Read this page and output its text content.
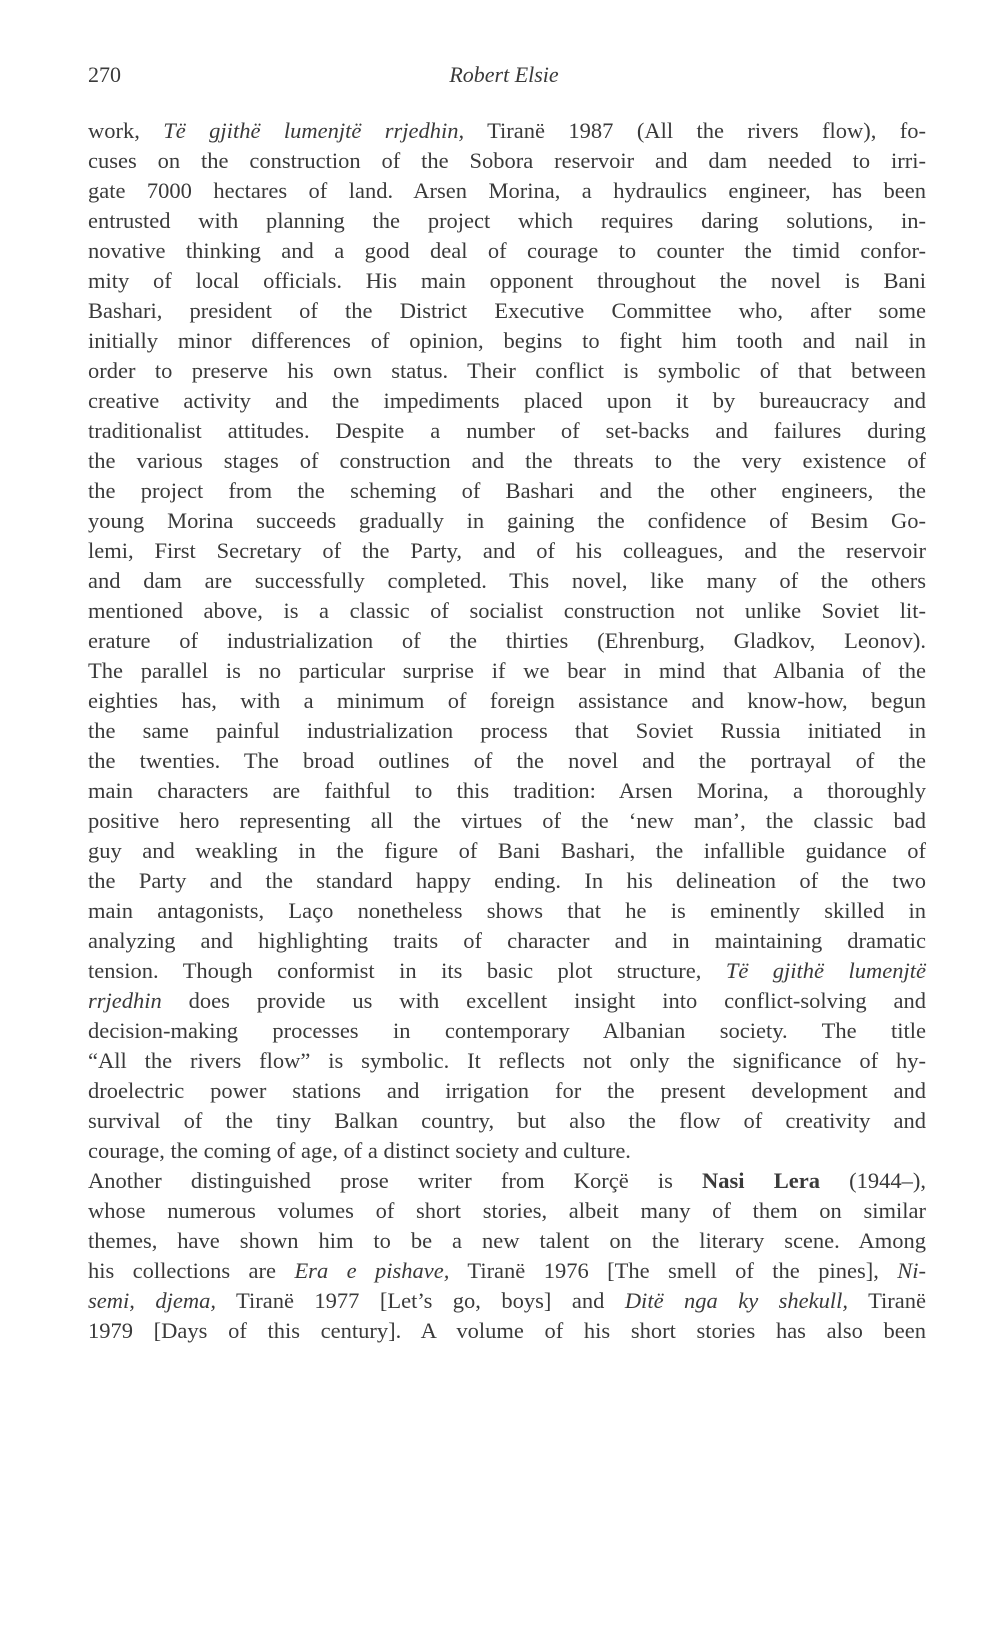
270	Robert Elsie
work, Të gjithë lumenjtë rrjedhin, Tiranë 1987 (All the rivers flow), fo-
cuses on the construction of the Sobora reservoir and dam needed to irri-
gate 7000 hectares of land. Arsen Morina, a hydraulics engineer, has been
entrusted with planning the project which requires daring solutions, in-
novative thinking and a good deal of courage to counter the timid confor-
mity of local officials. His main opponent throughout the novel is Bani
Bashari, president of the District Executive Committee who, after some
initially minor differences of opinion, begins to fight him tooth and nail in
order to preserve his own status. Their conflict is symbolic of that between
creative activity and the impediments placed upon it by bureaucracy and
traditionalist attitudes. Despite a number of set-backs and failures during
the various stages of construction and the threats to the very existence of
the project from the scheming of Bashari and the other engineers, the
young Morina succeeds gradually in gaining the confidence of Besim Go-
lemi, First Secretary of the Party, and of his colleagues, and the reservoir
and dam are successfully completed. This novel, like many of the others
mentioned above, is a classic of socialist construction not unlike Soviet lit-
erature of industrialization of the thirties (Ehrenburg, Gladkov, Leonov).
The parallel is no particular surprise if we bear in mind that Albania of the
eighties has, with a minimum of foreign assistance and know-how, begun
the same painful industrialization process that Soviet Russia initiated in
the twenties. The broad outlines of the novel and the portrayal of the
main characters are faithful to this tradition: Arsen Morina, a thoroughly
positive hero representing all the virtues of the ‘new man’, the classic bad
guy and weakling in the figure of Bani Bashari, the infallible guidance of
the Party and the standard happy ending. In his delineation of the two
main antagonists, Laço nonetheless shows that he is eminently skilled in
analyzing and highlighting traits of character and in maintaining dramatic
tension. Though conformist in its basic plot structure, Të gjithë lumenjtë
rrjedhin does provide us with excellent insight into conflict-solving and
decision-making processes in contemporary Albanian society. The title
“All the rivers flow” is symbolic. It reflects not only the significance of hy-
droelectric power stations and irrigation for the present development and
survival of the tiny Balkan country, but also the flow of creativity and
courage, the coming of age, of a distinct society and culture.
Another distinguished prose writer from Korçë is Nasi Lera (1944–),
whose numerous volumes of short stories, albeit many of them on similar
themes, have shown him to be a new talent on the literary scene. Among
his collections are Era e pishave, Tiranë 1976 [The smell of the pines], Ni-
semi, djema, Tiranë 1977 [Let’s go, boys] and Ditë nga ky shekull, Tiranë
1979 [Days of this century]. A volume of his short stories has also been
